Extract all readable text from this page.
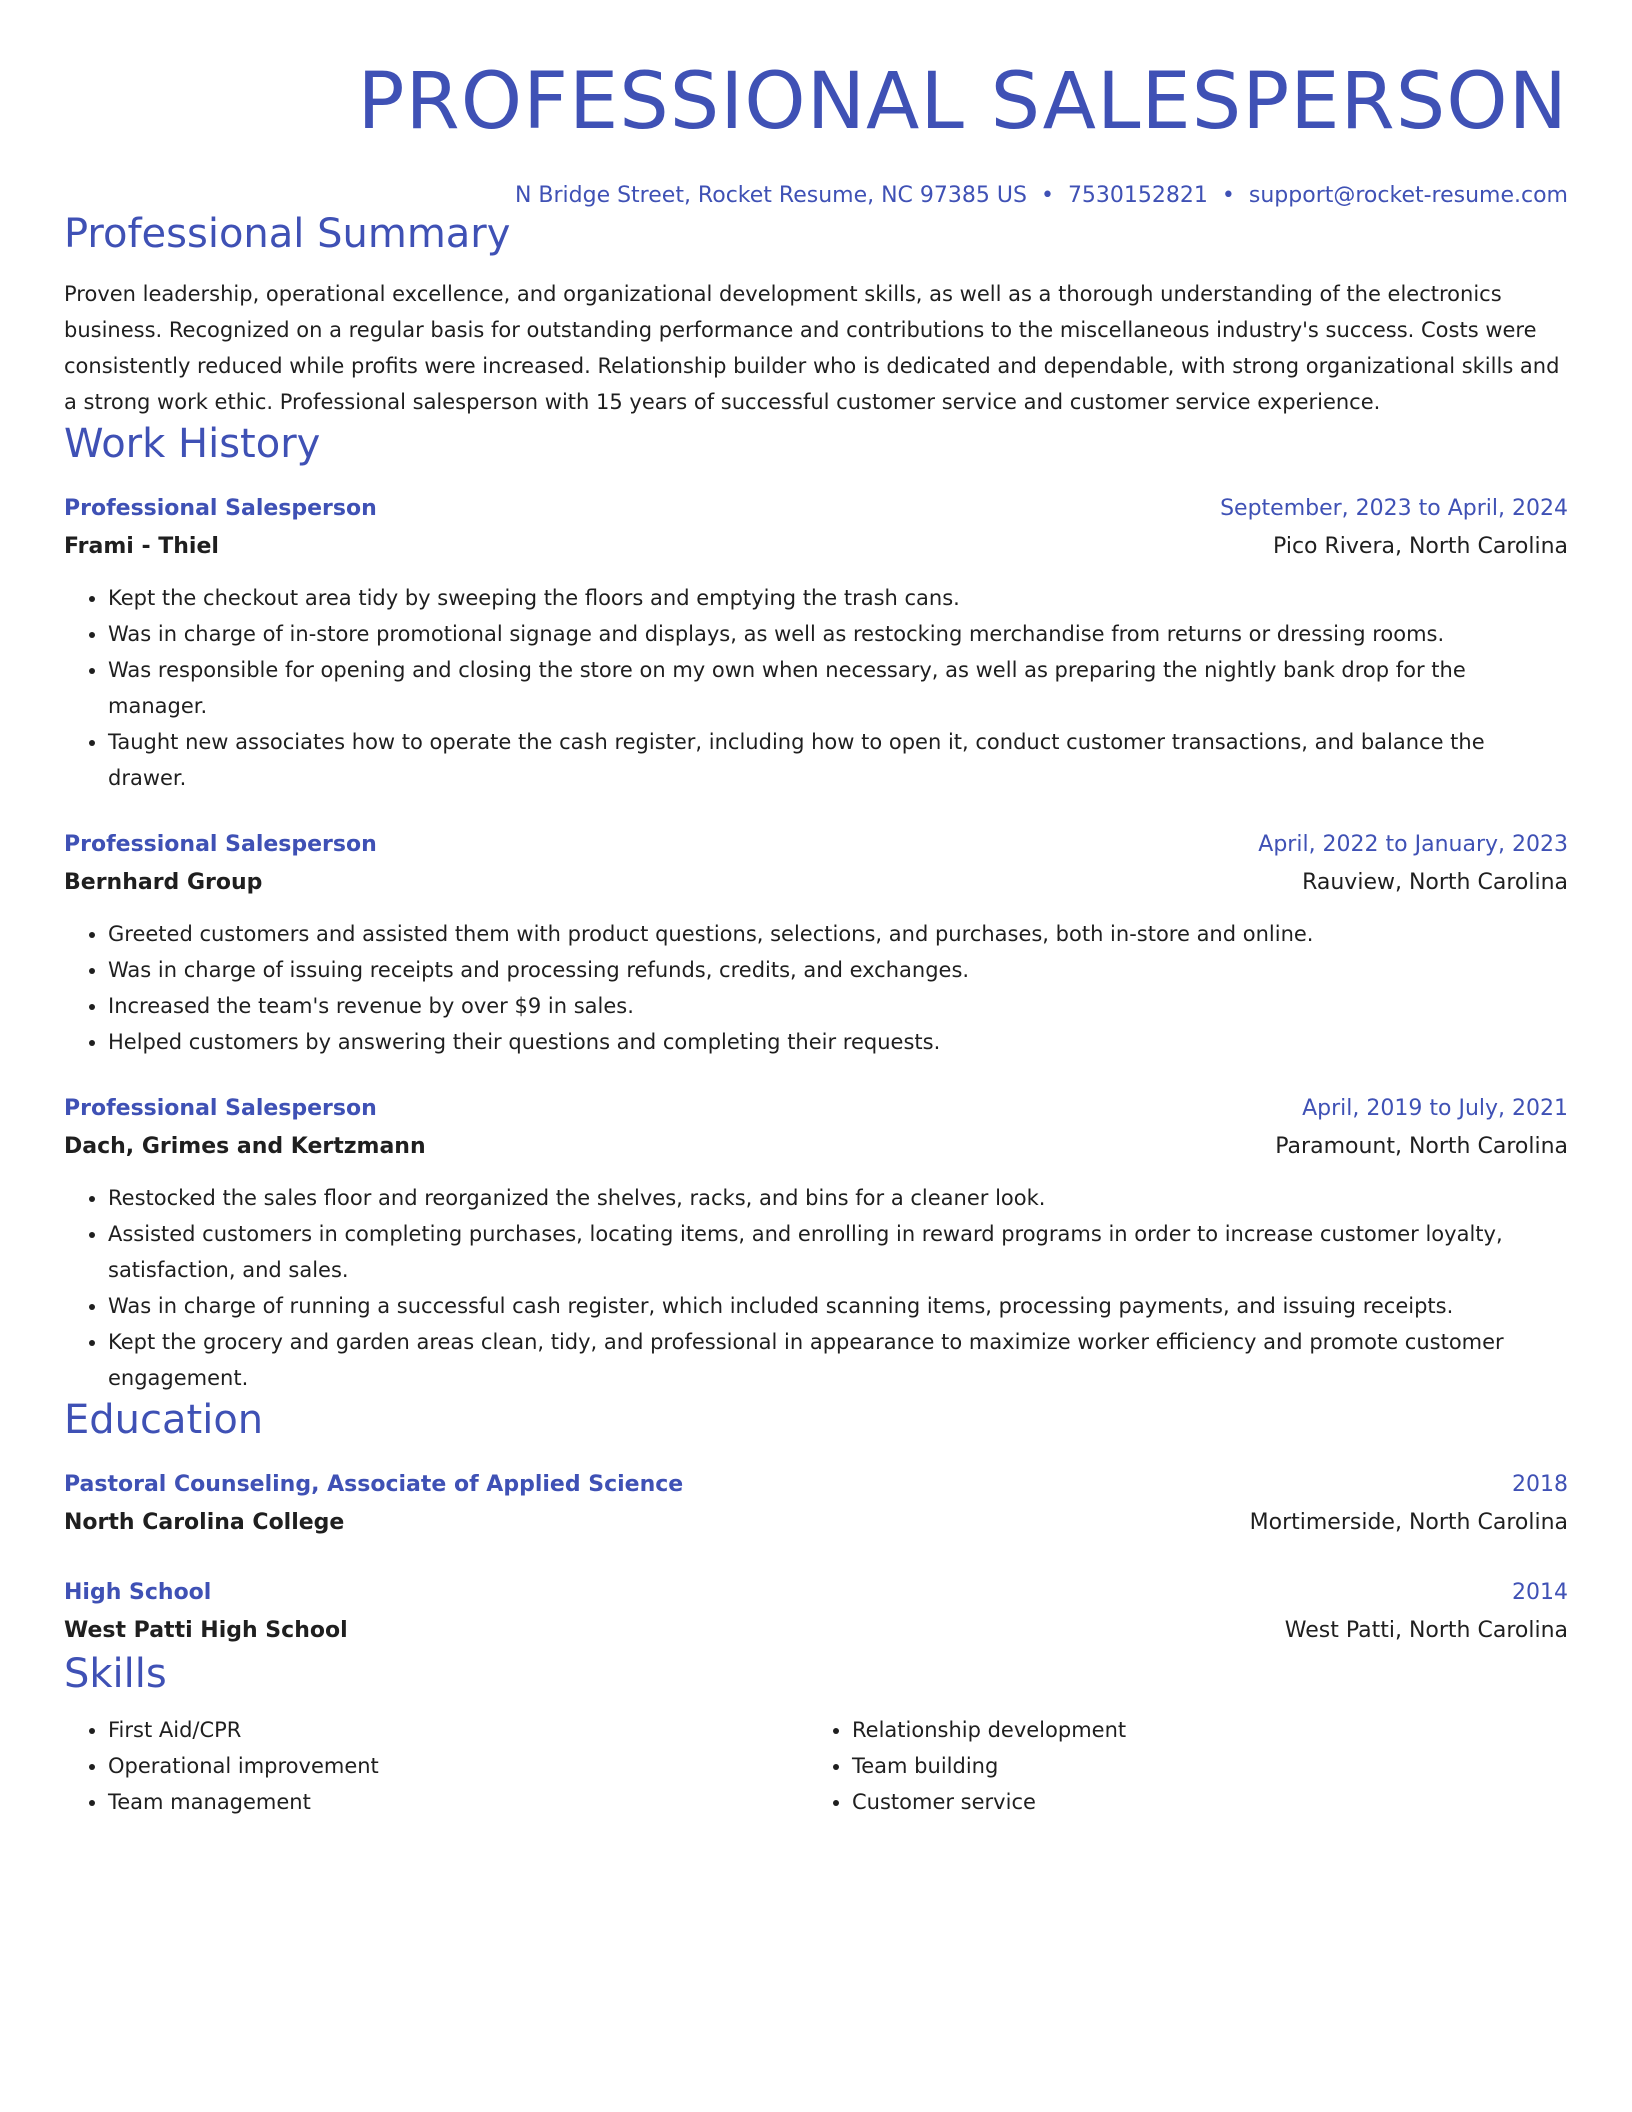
PROFESSIONAL SALESPERSON
N Bridge Street, Rocket Resume, NC 97385 US • 7530152821 • support@rocket-resume.com
Professional Summary

Proven leadership, operational excellence, and organizational development skills, as well as a thorough understanding of the electronics business. Recognized on a regular basis for outstanding performance and contributions to the miscellaneous industry's success. Costs were consistently reduced while profits were increased. Relationship builder who is dedicated and dependable, with strong organizational skills and a strong work ethic. Professional salesperson with 15 years of successful customer service and customer service experience.

Work History
Professional Salesperson	September, 2023 to April, 2024
Frami - Thiel	Pico Rivera, North Carolina
• Kept the checkout area tidy by sweeping the floors and emptying the trash cans.
• Was in charge of in-store promotional signage and displays, as well as restocking merchandise from returns or dressing rooms.
• Was responsible for opening and closing the store on my own when necessary, as well as preparing the nightly bank drop for the manager.
• Taught new associates how to operate the cash register, including how to open it, conduct customer transactions, and balance the drawer.
Professional Salesperson	April, 2022 to January, 2023
Bernhard Group	Rauview, North Carolina
• Greeted customers and assisted them with product questions, selections, and purchases, both in-store and online.
• Was in charge of issuing receipts and processing refunds, credits, and exchanges.
• Increased the team's revenue by over $9 in sales.
• Helped customers by answering their questions and completing their requests.
Professional Salesperson	April, 2019 to July, 2021
Dach, Grimes and Kertzmann	Paramount, North Carolina
• Restocked the sales floor and reorganized the shelves, racks, and bins for a cleaner look.
• Assisted customers in completing purchases, locating items, and enrolling in reward programs in order to increase customer loyalty, satisfaction, and sales.
• Was in charge of running a successful cash register, which included scanning items, processing payments, and issuing receipts.
• Kept the grocery and garden areas clean, tidy, and professional in appearance to maximize worker efficiency and promote customer engagement.
Education
Pastoral Counseling, Associate of Applied Science	2018
North Carolina College	Mortimerside, North Carolina
High School	2014
West Patti High School	West Patti, North Carolina
Skills
• First Aid/CPR
• Operational improvement
• Team management
• Relationship development
• Team building
• Customer service
